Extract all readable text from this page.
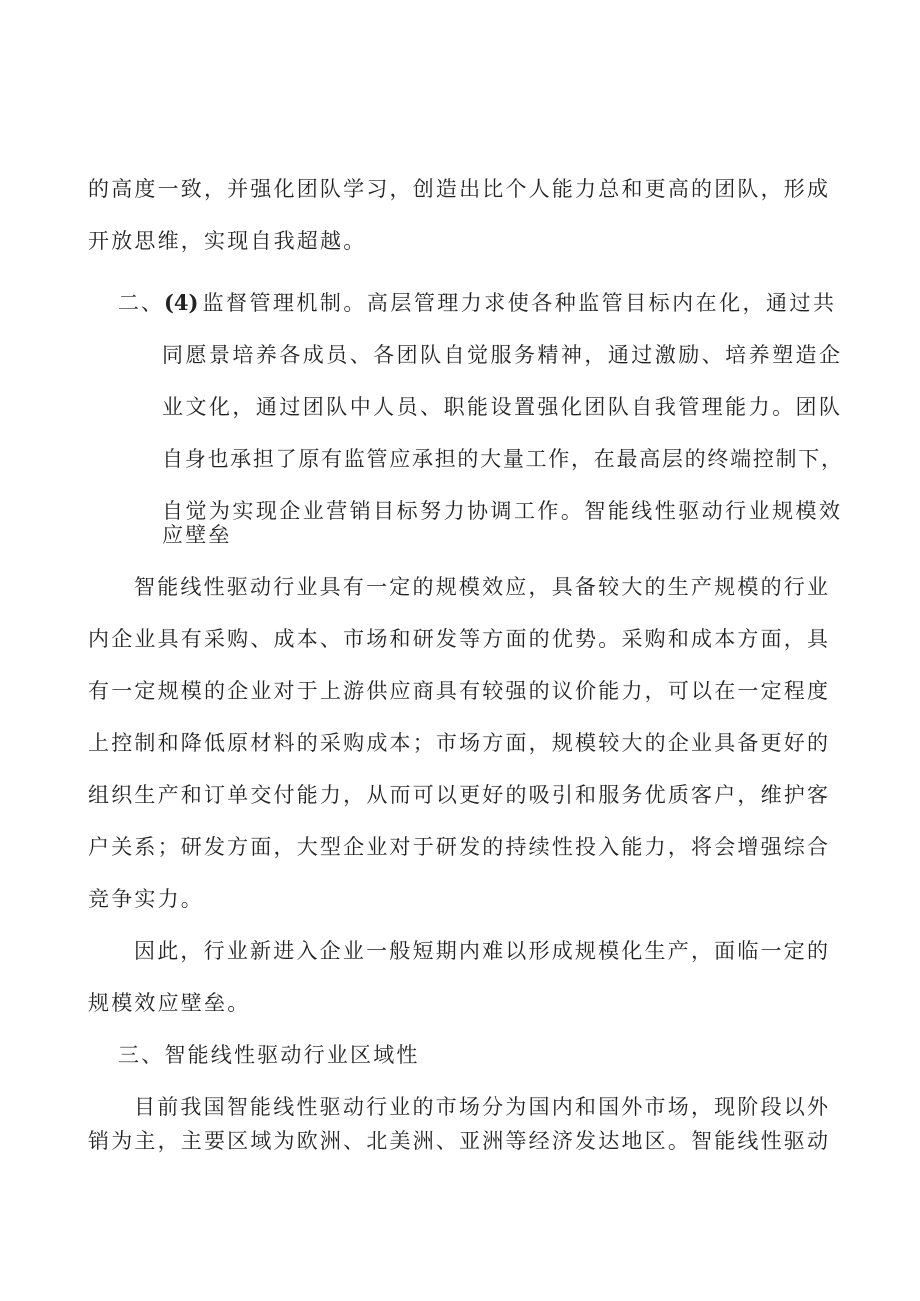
的高度一致，并强化团队学习，创造出比个人能力总和更高的团队，形成
开放思维，实现自我超越。
二、 (4) 监督管理机制。高层管理力求使各种监管目标内在化，通过共
同愿景培养各成员、各团队自觉服务精神，通过激励、培养塑造企
业文化，通过团队中人员、职能设置强化团队自我管理能力。团队
自身也承担了原有监管应承担的大量工作，在最高层的终端控制下，
自觉为实现企业营销目标努力协调工作。智能线性驱动行业规模效
应壁垒
智能线性驱动行业具有一定的规模效应，具备较大的生产规模的行业
内企业具有采购、成本、市场和研发等方面的优势。采购和成本方面，具
有一定规模的企业对于上游供应商具有较强的议价能力，可以在一定程度
上控制和降低原材料的采购成本；市场方面，规模较大的企业具备更好的
组织生产和订单交付能力，从而可以更好的吸引和服务优质客户，维护客
户关系；研发方面，大型企业对于研发的持续性投入能力，将会增强综合
竞争实力。
因此，行业新进入企业一般短期内难以形成规模化生产，面临一定的
规模效应壁垒。
三、智能线性驱动行业区域性
目前我国智能线性驱动行业的市场分为国内和国外市场，现阶段以外
销为主，主要区域为欧洲、北美洲、亚洲等经济发达地区。智能线性驱动
